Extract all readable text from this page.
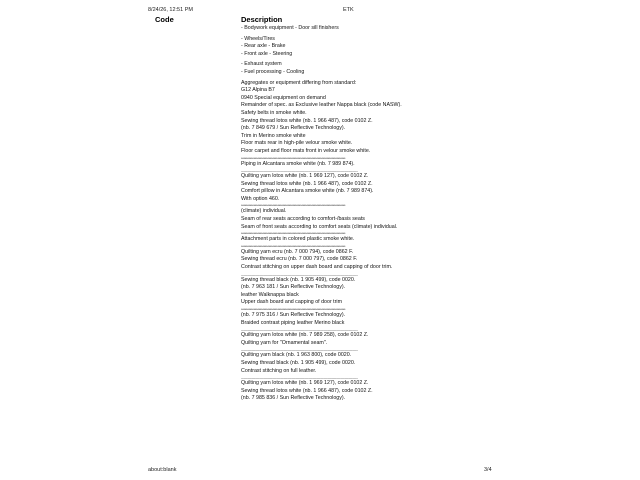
8/24/26, 12:51 PM	ETK
Code	Description
- Bodywork equipment - Door sill finishers
- Wheels/Tires
- Rear axle - Brake
- Front axle - Steering
- Exhaust system
- Fuel processing - Cooling
Aggregates or equipment differing from standard:
G12 Alpina B7
0940 Special equipment on demand
Remainder of spec. as Exclusive leather Nappa black (code NASW).
Safety belts in smoke white.
Sewing thread lotos white (nb. 1 966 487), code 0102 Z.
(nb. 7 849 679 / Sun Reflective Technology).
Trim in Merino smoke white
Floor mats rear in high-pile velour smoke white.
Floor carpet and floor mats front in velour smoke white.
***********************************************************************************
Piping in Alcantara smoke white (nb. 7 989 874).
-----------------------------------------------------------------------------------------------------------------
Quilting yarn lotos white (nb. 1 969 127), code 0102 Z.
Sewing thread lotos white (nb. 1 966 487), code 0102 Z.
Comfort pillow in Alcantara smoke white (nb. 7 989 874).
With option 460.
***********************************************************************************
(climate) individual.
Seam of rear seats according to comfort-/basis seats
Seam of front seats according to comfort seats (climate) individual.
***********************************************************************************
Attachment parts in colored plastic smoke white.
***********************************************************************************
Quilting yarn ecru (nb. 7 000 794), code 0862 F.
Sewing thread ecru (nb. 7 000 797), code 0862 F.
Contrast stitching on upper dash board and capping of door trim.
-----------------------------------------------------------------------------------------------------------------
Sewing thread black (nb. 1 905 499), code 0020.
(nb. 7 963 181 / Sun Reflective Technology).
leather Walknappa black
Upper dash board and capping of door trim
***********************************************************************************
(nb. 7 975 316 / Sun Reflective Technology).
Braided contrast piping leather Merino black
-----------------------------------------------------------------------------------------------------------------
Quilting yarn lotos white (nb. 7 989 258), code 0102 Z.
Quilting yarn for "Ornamental seam".
-----------------------------------------------------------------------------------------------------------------
Quilting yarn black (nb. 1 963 800), code 0020.
Sewing thread black (nb. 1 905 499), code 0020.
Contrast stitching on full leather.
-----------------------------------------------------------------------------------------------------------------
Quilting yarn lotos white (nb. 1 969 127), code 0102 Z.
Sewing thread lotos white (nb. 1 966 487), code 0102 Z.
(nb. 7 985 836 / Sun Reflective Technology).
about:blank	3/4
